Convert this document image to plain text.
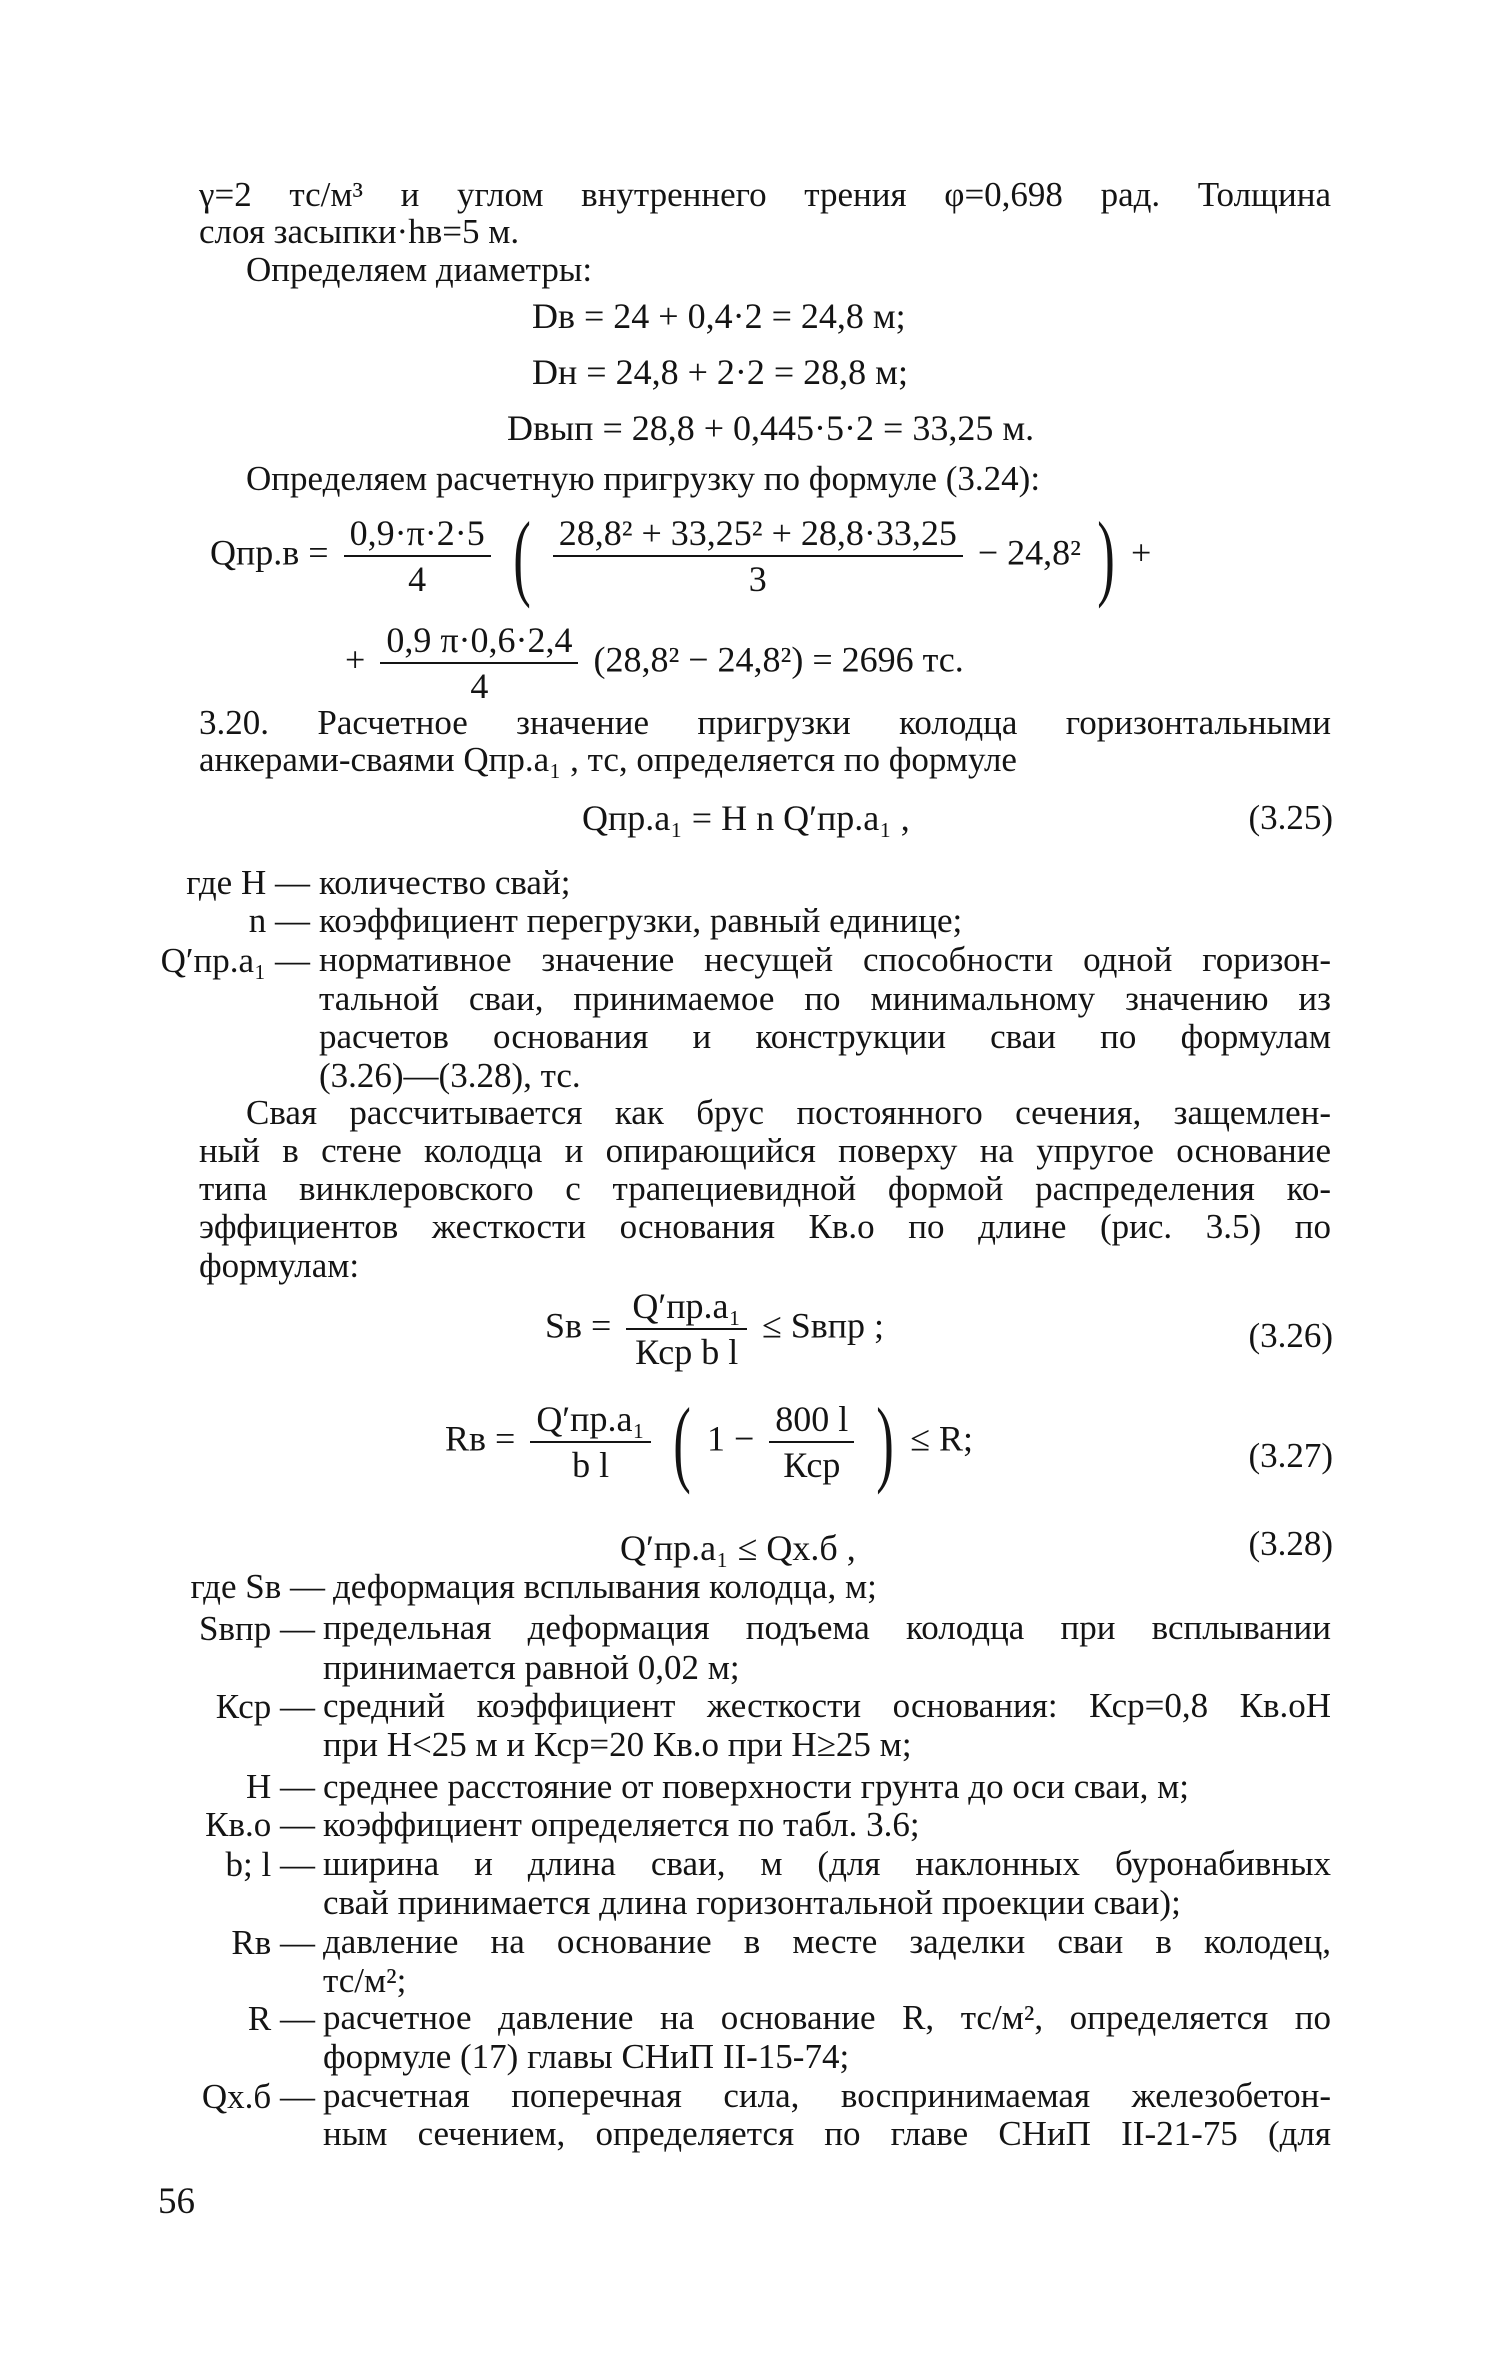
γ=2 тс/м³ и углом внутреннего трения φ=0,698 рад. Толщина
слоя засыпки·hв=5 м.
Определяем диаметры:
Dв = 24 + 0,4·2 = 24,8 м;
Dн = 24,8 + 2·2 = 28,8 м;
Dвып = 28,8 + 0,445·5·2 = 33,25 м.
Определяем расчетную пригрузку по формуле (3.24):
$Qпр.в = \frac{0,9\cdot\pi\cdot 2\cdot 5}{4}$ ( $\frac{\text{28,8² + 33,25² + 28,8·33,25}}{3} - 24,8^2$ ) +
+ $\frac{0,9 \pi\cdot 0,6\cdot 2,4}{4} (28,8^2 - 24,8^2) = 2696$ тс.
3.20. Расчетное значение пригрузки колодца горизонтальными
анкерами-сваями Qпр.а₁ , тс, определяется по формуле
Qпр.а₁ = H n Q′пр.а₁ ,	(3.25)
где Н — количество свай;
n — коэффициент перегрузки, равный единице;
Q′пр.а₁ — нормативное значение несущей способности одной горизон-
тальной сваи, принимаемое по минимальному значению из
расчетов основания и конструкции сваи по формулам
(3.26)—(3.28), тс.
Свая рассчитывается как брус постоянного сечения, защемлен-
ный в стене колодца и опирающийся поверху на упругое основание
типа винклеровского с трапециевидной формой распределения ко-
эффициентов жесткости основания Кв.о по длине (рис. 3.5) по
формулам:
Sв = $\frac{\text{Q′пр.а₁}}{\text{Кср b l}}$ ≤ Sвпр ;	(3.26)
Rв = $\frac{\text{Q′пр.а₁}}{\text{b l}}$ ( $1 - \frac{800 l}{\text{Кср}}$ ) ≤ R;	(3.27)
Q′пр.а₁ ≤ Qх.б ,	(3.28)
где Sв — деформация всплывания колодца, м;
Sвпр — предельная деформация подъема колодца при всплывании
принимается равной 0,02 м;
Кср — средний коэффициент жесткости основания: Кср=0,8 Кв.оH
при H<25 м и Кср=20 Кв.о при H≥25 м;
H — среднее расстояние от поверхности грунта до оси сваи, м;
Кв.о — коэффициент определяется по табл. 3.6;
b; l — ширина и длина сваи, м (для наклонных буронабивных
свай принимается длина горизонтальной проекции сваи);
Rв — давление на основание в месте заделки сваи в колодец,
тс/м²;
R — расчетное давление на основание R, тс/м², определяется по
формуле (17) главы СНиП II-15-74;
Qх.б — расчетная поперечная сила, воспринимаемая железобетон-
ным сечением, определяется по главе СНиП II-21-75 (для
56
